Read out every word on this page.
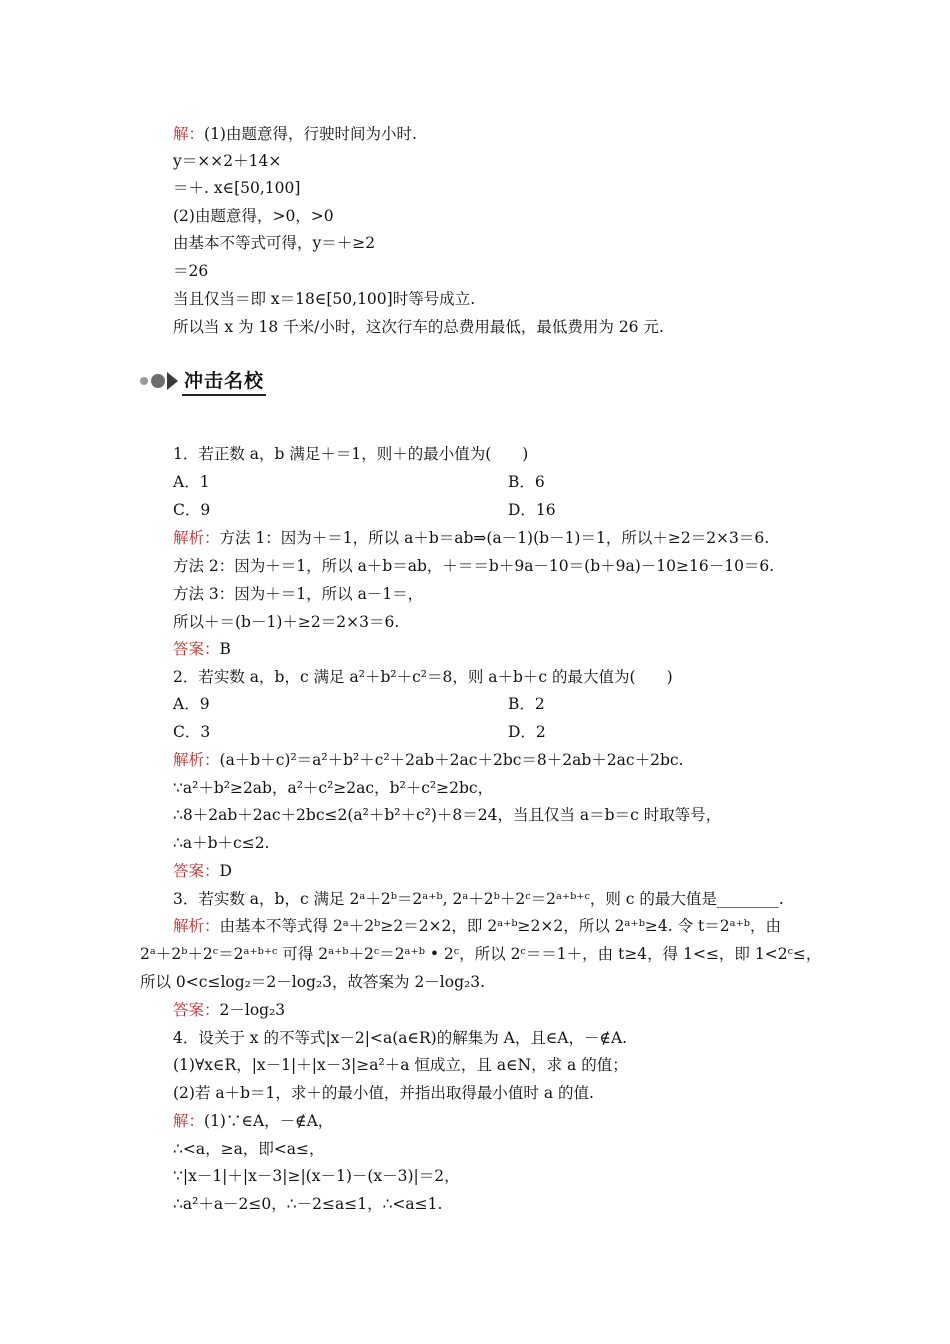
解：(1)由题意得，行驶时间为小时.
y＝××2＋14×
＝＋. x∈[50,100]
(2)由题意得，>0，>0
由基本不等式可得，y＝＋≥2
＝26
当且仅当＝即 x＝18∈[50,100]时等号成立.
所以当 x 为 18 千米/小时，这次行车的总费用最低，最低费用为 26 元.
冲击名校
1．若正数 a，b 满足＋＝1，则＋的最小值为(　　)
A．1	B．6
C．9	D．16
解析：方法 1：因为＋＝1，所以 a＋b＝ab⇒(a－1)(b－1)＝1，所以＋≥2＝2×3＝6.
方法 2：因为＋＝1，所以 a＋b＝ab，＋＝＝b＋9a－10＝(b＋9a)－10≥16－10＝6.
方法 3：因为＋＝1，所以 a－1＝，
所以＋＝(b－1)＋≥2＝2×3＝6.
答案：B
2．若实数 a，b，c 满足 a²＋b²＋c²＝8，则 a＋b＋c 的最大值为(　　)
A．9	B．2
C．3	D．2
解析：(a＋b＋c)²＝a²＋b²＋c²＋2ab＋2ac＋2bc＝8＋2ab＋2ac＋2bc.
∵a²＋b²≥2ab，a²＋c²≥2ac，b²＋c²≥2bc，
∴8＋2ab＋2ac＋2bc≤2(a²＋b²＋c²)＋8＝24，当且仅当 a＝b＝c 时取等号，
∴a＋b＋c≤2.
答案：D
3．若实数 a，b，c 满足 2ᵃ＋2ᵇ＝2ᵃ⁺ᵇ, 2ᵃ＋2ᵇ＋2ᶜ＝2ᵃ⁺ᵇ⁺ᶜ，则 c 的最大值是________.
解析：由基本不等式得 2ᵃ＋2ᵇ≥2＝2×2，即 2ᵃ⁺ᵇ≥2×2，所以 2ᵃ⁺ᵇ≥4. 令 t＝2ᵃ⁺ᵇ，由
2ᵃ＋2ᵇ＋2ᶜ＝2ᵃ⁺ᵇ⁺ᶜ 可得 2ᵃ⁺ᵇ＋2ᶜ＝2ᵃ⁺ᵇ • 2ᶜ，所以 2ᶜ＝＝1＋，由 t≥4，得 1<≤，即 1<2ᶜ≤，
所以 0<c≤log₂＝2－log₂3，故答案为 2－log₂3.
答案：2－log₂3
4．设关于 x 的不等式|x－2|<a(a∈R)的解集为 A，且∈A，－∉A.
(1)∀x∈R，|x－1|＋|x－3|≥a²＋a 恒成立，且 a∈N，求 a 的值；
(2)若 a＋b＝1，求＋的最小值，并指出取得最小值时 a 的值.
解：(1)∵∈A，－∉A，
∴<a，≥a，即<a≤，
∵|x－1|＋|x－3|≥|(x－1)－(x－3)|＝2，
∴a²＋a－2≤0，∴－2≤a≤1，∴<a≤1.
